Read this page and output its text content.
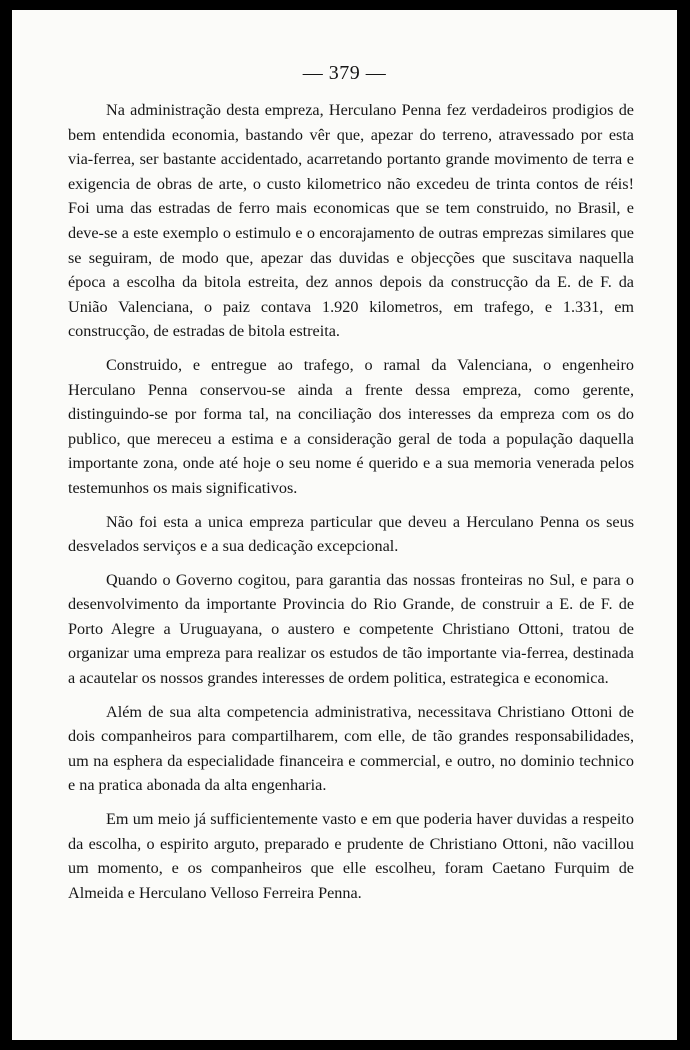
— 379 —

Na administração desta empreza, Herculano Penna fez verdadeiros prodigios de bem entendida economia, bastando vêr que, apezar do terreno, atravessado por esta via-ferrea, ser bastante accidentado, acarretando portanto grande movimento de terra e exigencia de obras de arte, o custo kilometrico não excedeu de trinta contos de réis! Foi uma das estradas de ferro mais economicas que se tem construido, no Brasil, e deve-se a este exemplo o estimulo e o encorajamento de outras emprezas similares que se seguiram, de modo que, apezar das duvidas e objecções que suscitava naquella época a escolha da bitola estreita, dez annos depois da construcção da E. de F. da União Valenciana, o paiz contava 1.920 kilometros, em trafego, e 1.331, em construcção, de estradas de bitola estreita.

Construido, e entregue ao trafego, o ramal da Valenciana, o engenheiro Herculano Penna conservou-se ainda a frente dessa empreza, como gerente, distinguindo-se por forma tal, na conciliação dos interesses da empreza com os do publico, que mereceu a estima e a consideração geral de toda a população daquella importante zona, onde até hoje o seu nome é querido e a sua memoria venerada pelos testemunhos os mais significativos.

Não foi esta a unica empreza particular que deveu a Herculano Penna os seus desvelados serviços e a sua dedicação excepcional.

Quando o Governo cogitou, para garantia das nossas fronteiras no Sul, e para o desenvolvimento da importante Provincia do Rio Grande, de construir a E. de F. de Porto Alegre a Uruguayana, o austero e competente Christiano Ottoni, tratou de organizar uma empreza para realizar os estudos de tão importante via-ferrea, destinada a acautelar os nossos grandes interesses de ordem politica, estrategica e economica.

Além de sua alta competencia administrativa, necessitava Christiano Ottoni de dois companheiros para compartilharem, com elle, de tão grandes responsabilidades, um na esphera da especialidade financeira e commercial, e outro, no dominio technico e na pratica abonada da alta engenharia.

Em um meio já sufficientemente vasto e em que poderia haver duvidas a respeito da escolha, o espirito arguto, preparado e prudente de Christiano Ottoni, não vacillou um momento, e os companheiros que elle escolheu, foram Caetano Furquim de Almeida e Herculano Velloso Ferreira Penna.
